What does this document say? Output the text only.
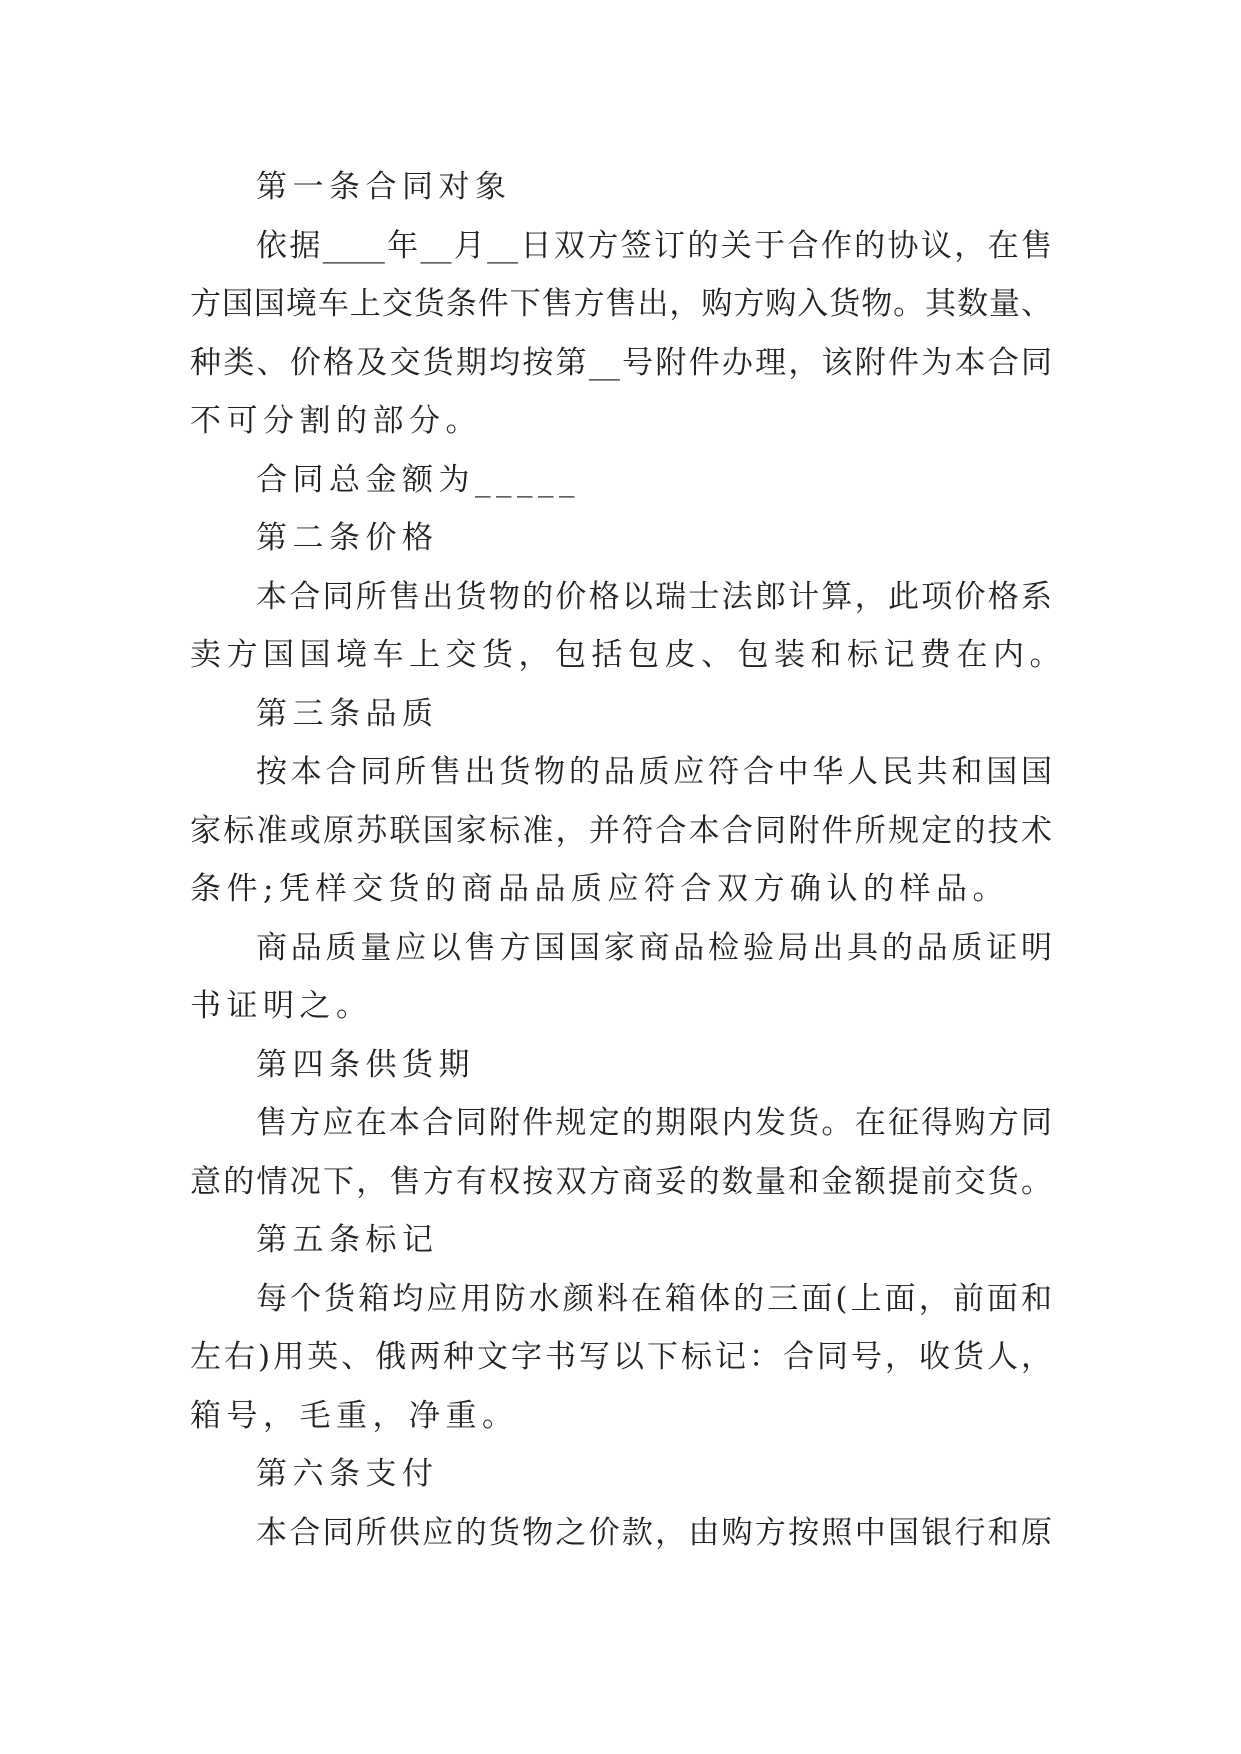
第一条合同对象
依据____年__月__日双方签订的关于合作的协议，在售
方国国境车上交货条件下售方售出，购方购入货物。其数量、
种类、价格及交货期均按第__号附件办理，该附件为本合同
不可分割的部分。
合同总金额为_____
第二条价格
本合同所售出货物的价格以瑞士法郎计算，此项价格系
卖方国国境车上交货，包括包皮、包装和标记费在内。
第三条品质
按本合同所售出货物的品质应符合中华人民共和国国
家标准或原苏联国家标准，并符合本合同附件所规定的技术
条件;凭样交货的商品品质应符合双方确认的样品。
商品质量应以售方国国家商品检验局出具的品质证明
书证明之。
第四条供货期
售方应在本合同附件规定的期限内发货。在征得购方同
意的情况下，售方有权按双方商妥的数量和金额提前交货。
第五条标记
每个货箱均应用防水颜料在箱体的三面(上面，前面和
左右)用英、俄两种文字书写以下标记：合同号，收货人，
箱号，毛重，净重。
第六条支付
本合同所供应的货物之价款，由购方按照中国银行和原
